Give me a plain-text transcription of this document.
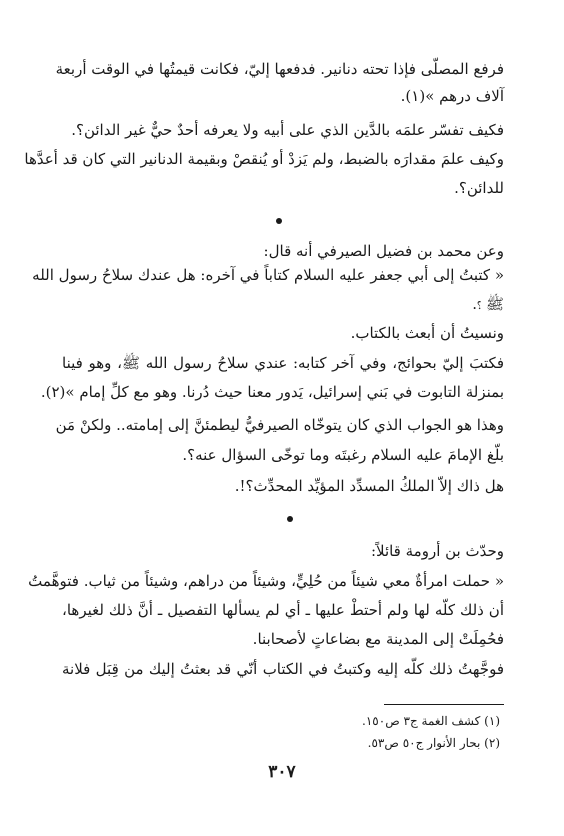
فرفع المصلّى فإذا تحته دنانير. فدفعها إليّ، فكانت قيمتُها في الوقت أربعة
آلاف درهم »(١).
فكيف تفسّر علمَه بالدَّين الذي على أبيه ولا يعرفه أحدٌ حيٌّ غير الدائن؟.
وكيف علمَ مقدارَه بالضبط، ولم يَزدْ أو يُنقصْ وبقيمة الدنانير التي كان قد أعدَّها
للدائن؟.
وعن محمد بن فضيل الصيرفي أنه قال:
« كتبتُ إلى أبي جعفر عليه السلام كتاباً في آخره: هل عندك سلاحُ رسول الله
ﷺ ؟.
ونسيتُ أن أبعث بالكتاب.
فكتبَ إليّ بحوائج، وفي آخر كتابه: عندي سلاحُ رسول الله ﷺ، وهو فينا
بمنزلة التابوت في بَني إسرائيل، يَدور معنا حيث دُرنا. وهو مع كلِّ إمام »(٢).
وهذا هو الجواب الذي كان يتوخّاه الصيرفيُّ ليطمئنَّ إلى إمامته.. ولكنْ مَن
بلّغ الإمامَ عليه السلام رغبتَه وما توخّى السؤال عنه؟.
هل ذاك إلاّ الملكُ المسدِّد المؤيِّد المحدِّث؟!.
وحدّث بن أرومة قائلاً:
« حملت امرأةٌ معي شيئاً من حُلِيٍّ، وشيئاً من دراهم، وشيئاً من ثياب. فتوهَّمتُ
أن ذلك كلّه لها ولم أحتطْ عليها ـ أي لم يسألها التفصيل ـ أنَّ ذلك لغيرها،
فحُمِلَتْ إلى المدينة مع بضاعاتٍ لأصحابنا.
فوجَّهتُ ذلك كلّه إليه وكتبتُ في الكتاب أنّي قد بعثتُ إليك من قِبَل فلانة
(١) كشف الغمة ج٣ ص١٥٠.
(٢) بحار الأنوار ج٥٠ ص٥٣.
٣٠٧
